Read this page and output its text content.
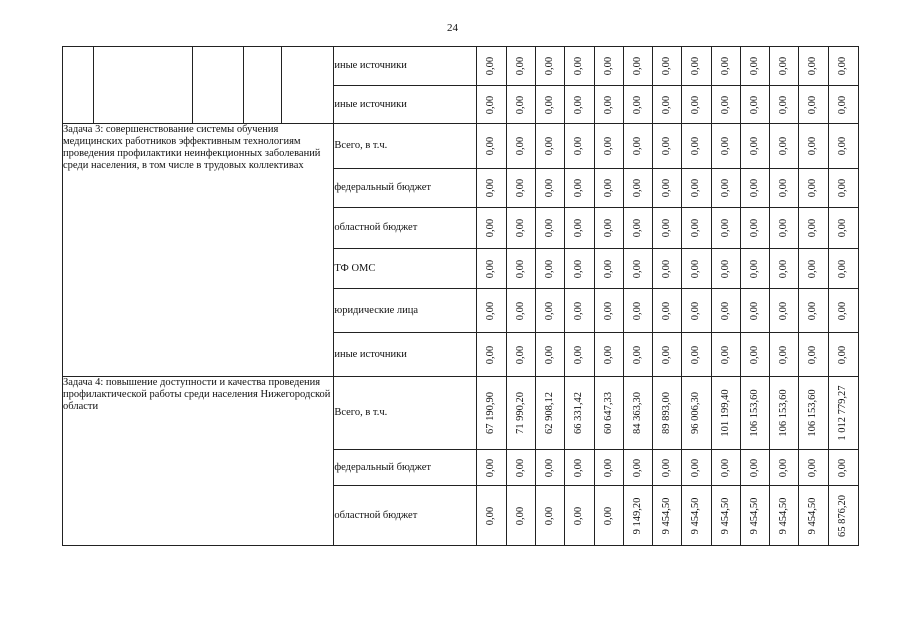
24
					иные источники	0,00	0,00	0,00	0,00	0,00	0,00	0,00	0,00	0,00	0,00	0,00	0,00	0,00

					иные источники	0,00	0,00	0,00	0,00	0,00	0,00	0,00	0,00	0,00	0,00	0,00	0,00	0,00

Задача 3: совершенствование системы обучения медицинских работников эффективным технологиям проведения профилактики неинфекционных заболеваний среди населения, в том числе в трудовых коллективах					Всего, в т.ч.	0,00	0,00	0,00	0,00	0,00	0,00	0,00	0,00	0,00	0,00	0,00	0,00	0,00

					федеральный бюджет	0,00	0,00	0,00	0,00	0,00	0,00	0,00	0,00	0,00	0,00	0,00	0,00	0,00

					областной бюджет	0,00	0,00	0,00	0,00	0,00	0,00	0,00	0,00	0,00	0,00	0,00	0,00	0,00

					ТФ ОМС	0,00	0,00	0,00	0,00	0,00	0,00	0,00	0,00	0,00	0,00	0,00	0,00	0,00

					юридические лица	0,00	0,00	0,00	0,00	0,00	0,00	0,00	0,00	0,00	0,00	0,00	0,00	0,00

					иные источники	0,00	0,00	0,00	0,00	0,00	0,00	0,00	0,00	0,00	0,00	0,00	0,00	0,00

Задача 4: повышение доступности и качества проведения профилактической работы среди населения Нижегородской области					Всего, в т.ч.	67 190,90	71 990,20	62 908,12	66 331,42	60 647,33	84 363,30	89 893,00	96 006,30	101 199,40	106 153,60	106 153,60	106 153,60	1 012 779,27

					федеральный бюджет	0,00	0,00	0,00	0,00	0,00	0,00	0,00	0,00	0,00	0,00	0,00	0,00	0,00

					областной бюджет	0,00	0,00	0,00	0,00	0,00	9 149,20	9 454,50	9 454,50	9 454,50	9 454,50	9 454,50	9 454,50	65 876,20
